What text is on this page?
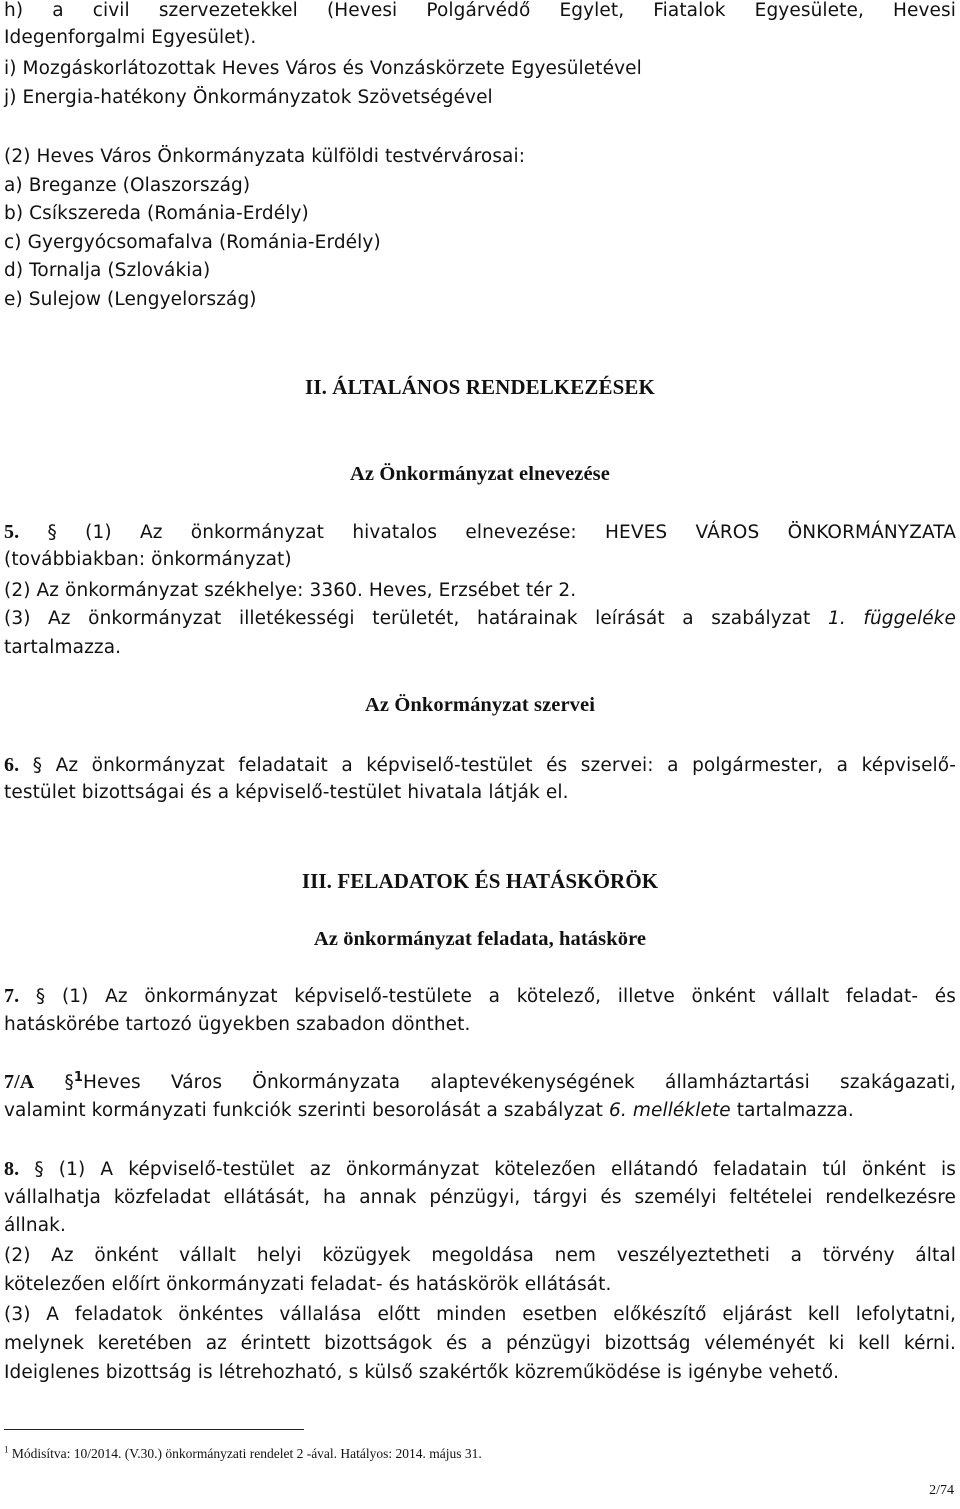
h) a civil szervezetekkel (Hevesi Polgárvédő Egylet, Fiatalok Egyesülete, Hevesi
Idegenforgalmi Egyesület).
i) Mozgáskorlátozottak Heves Város és Vonzáskörzete Egyesületével
j) Energia-hatékony Önkormányzatok Szövetségével
(2) Heves Város Önkormányzata külföldi testvérvárosai:
a) Breganze (Olaszország)
b) Csíkszereda (Románia-Erdély)
c) Gyergyócsomafalva (Románia-Erdély)
d) Tornalja (Szlovákia)
e) Sulejow (Lengyelország)
II. ÁLTALÁNOS RENDELKEZÉSEK
Az Önkormányzat elnevezése
5. § (1) Az önkormányzat hivatalos elnevezése: HEVES VÁROS ÖNKORMÁNYZATA
(továbbiakban: önkormányzat)
(2) Az önkormányzat székhelye: 3360. Heves, Erzsébet tér 2.
(3) Az önkormányzat illetékességi területét, határainak leírását a szabályzat 1. függeléke
tartalmazza.
Az Önkormányzat szervei
6. § Az önkormányzat feladatait a képviselő-testület és szervei: a polgármester, a képviselő-
testület bizottságai és a képviselő-testület hivatala látják el.
III. FELADATOK ÉS HATÁSKÖRÖK
Az önkormányzat feladata, hatásköre
7. § (1) Az önkormányzat képviselő-testülete a kötelező, illetve önként vállalt feladat- és
hatáskörébe tartozó ügyekben szabadon dönthet.
7/A §$^1$Heves Város Önkormányzata alaptevékenységének államháztartási szakágazati,
valamint kormányzati funkciók szerinti besorolását a szabályzat 6. melléklete tartalmazza.
8. § (1) A képviselő-testület az önkormányzat kötelezően ellátandó feladatain túl önként is
vállalhatja közfeladat ellátását, ha annak pénzügyi, tárgyi és személyi feltételei rendelkezésre
állnak.
(2) Az önként vállalt helyi közügyek megoldása nem veszélyeztetheti a törvény által
kötelezően előírt önkormányzati feladat- és hatáskörök ellátását.
(3) A feladatok önkéntes vállalása előtt minden esetben előkészítő eljárást kell lefolytatni,
melynek keretében az érintett bizottságok és a pénzügyi bizottság véleményét ki kell kérni.
Ideiglenes bizottság is létrehozható, s külső szakértők közreműködése is igénybe vehető.
$^1$ Módisítva: 10/2014. (V.30.) önkormányzati rendelet 2 -ával. Hatályos: 2014. május 31.
2/74
